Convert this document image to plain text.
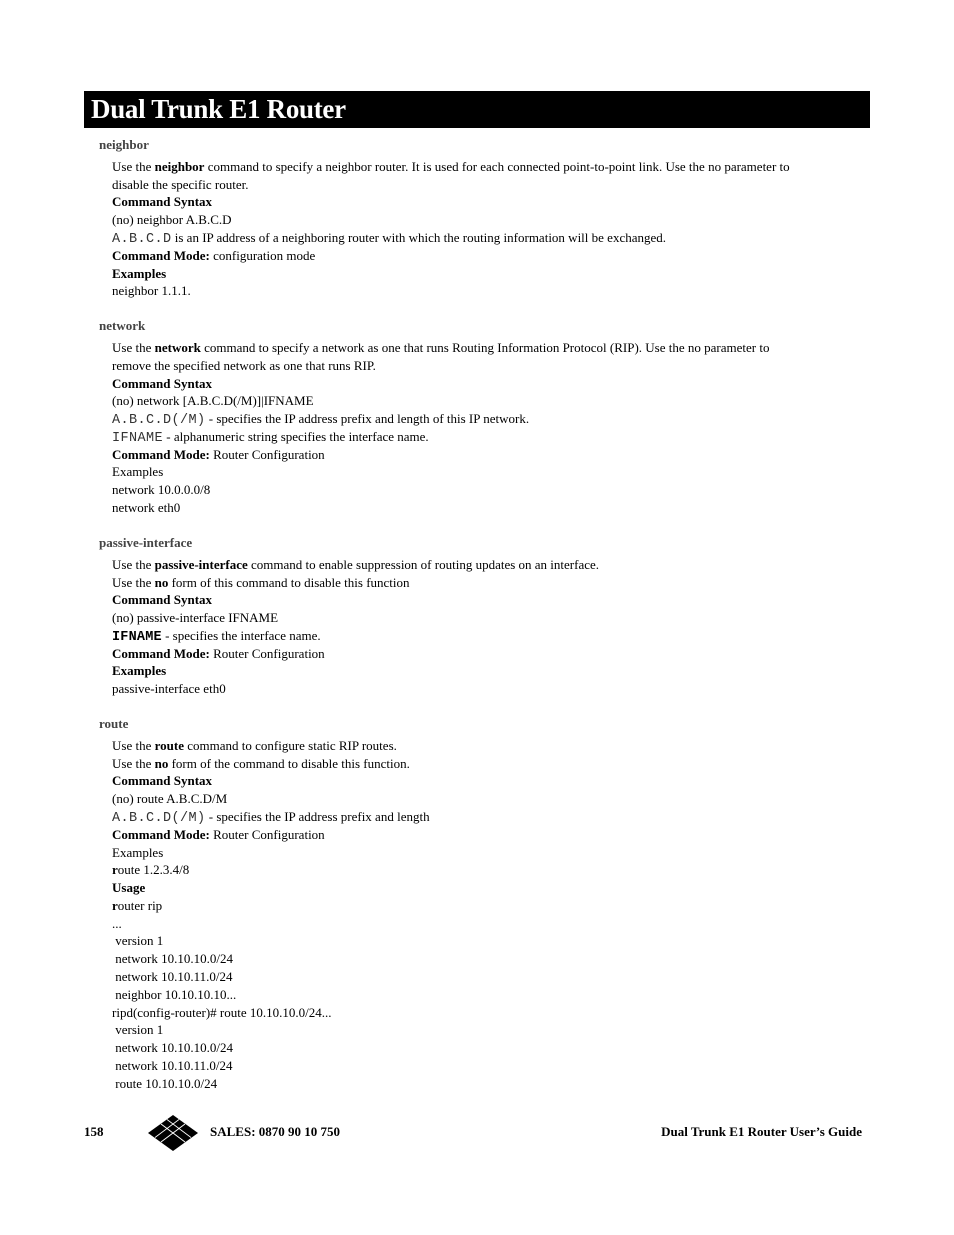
Dual Trunk E1 Router
neighbor
Use the neighbor command to specify a neighbor router. It is used for each connected point-to-point link. Use the no parameter to
disable the specific router.
Command Syntax
(no) neighbor A.B.C.D
A.B.C.D is an IP address of a neighboring router with which the routing information will be exchanged.
Command Mode: configuration mode
Examples
neighbor 1.1.1.
network
Use the network command to specify a network as one that runs Routing Information Protocol (RIP). Use the no parameter to
remove the specified network as one that runs RIP.
Command Syntax
(no) network [A.B.C.D(/M)]|IFNAME
A.B.C.D(/M) - specifies the IP address prefix and length of this IP network.
IFNAME - alphanumeric string specifies the interface name.
Command Mode: Router Configuration
Examples
network 10.0.0.0/8
network eth0
passive-interface
Use the passive-interface command to enable suppression of routing updates on an interface.
Use the no form of this command to disable this function
Command Syntax
(no) passive-interface IFNAME
IFNAME - specifies the interface name.
Command Mode: Router Configuration
Examples
passive-interface eth0
route
Use the route command to configure static RIP routes.
Use the no form of the command to disable this function.
Command Syntax
(no) route A.B.C.D/M
A.B.C.D(/M) - specifies the IP address prefix and length
Command Mode: Router Configuration
Examples
route 1.2.3.4/8
Usage
router rip
...
version 1
network 10.10.10.0/24
network 10.10.11.0/24
neighbor 10.10.10.10...
ripd(config-router)# route 10.10.10.0/24...
version 1
network 10.10.10.0/24
network 10.10.11.0/24
route 10.10.10.0/24
158	SALES: 0870 90 10 750	Dual Trunk E1 Router User’s Guide
